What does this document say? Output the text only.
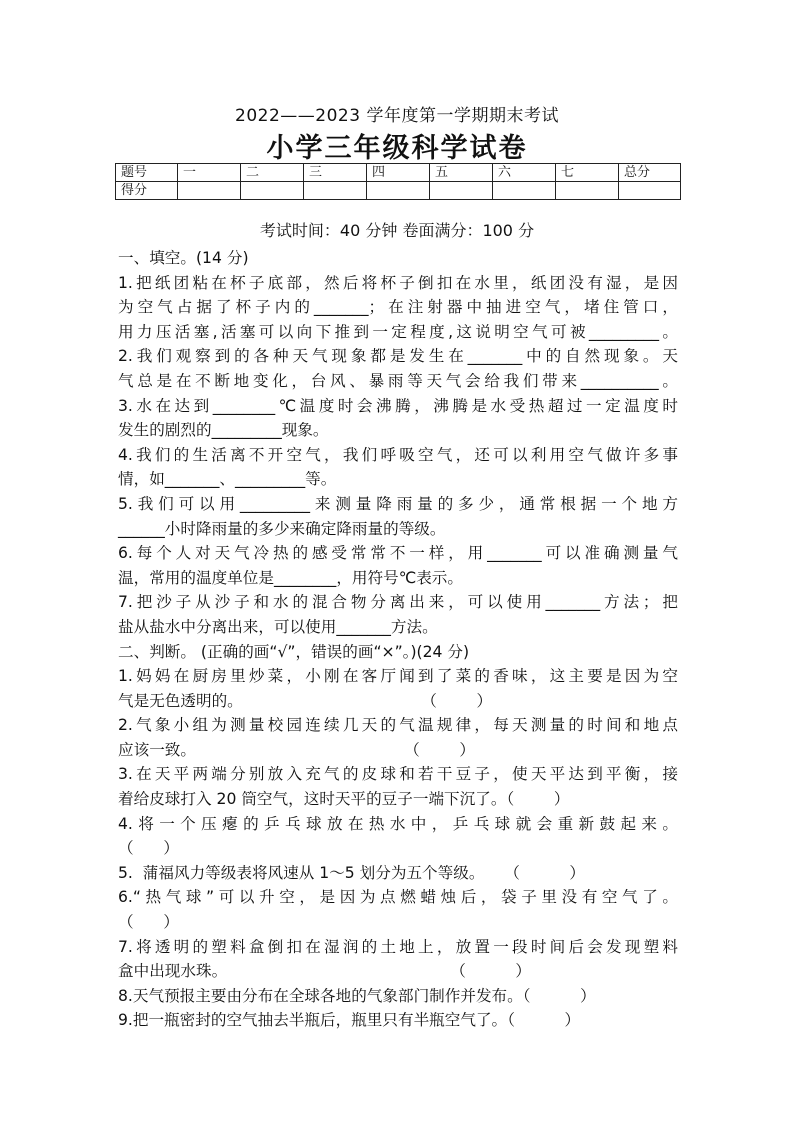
2022——2023 学年度第一学期期末考试
小学三年级科学试卷
题号	一	二	三	四	五	六	七	总分
得分								
考试时间：40 分钟 卷面满分：100 分
一、填空。(14 分)
1.把纸团粘在杯子底部，然后将杯子倒扣在水里，纸团没有湿，是因
为空气占据了杯子内的_______；在注射器中抽进空气，堵住管口，
用力压活塞,活塞可以向下推到一定程度,这说明空气可被_________。
2.我们观察到的各种天气现象都是发生在_______中的自然现象。天
气总是在不断地变化，台风、暴雨等天气会给我们带来__________。
3.水在达到________℃温度时会沸腾，沸腾是水受热超过一定温度时
发生的剧烈的_________现象。
4.我们的生活离不开空气，我们呼吸空气，还可以利用空气做许多事
情，如_______、_________等。
5.我们可以用_________来测量降雨量的多少，通常根据一个地方
______小时降雨量的多少来确定降雨量的等级。
6.每个人对天气冷热的感受常常不一样，用_______可以准确测量气
温，常用的温度单位是________，用符号℃表示。
7.把沙子从沙子和水的混合物分离出来，可以使用_______方法；把
盐从盐水中分离出来，可以使用_______方法。
二、判断。 (正确的画“√”，错误的画“×”。)(24 分)
1.妈妈在厨房里炒菜，小刚在客厅闻到了菜的香味，这主要是因为空
气是无色透明的。                                    （        ）
2.气象小组为测量校园连续几天的气温规律，每天测量的时间和地点
应该一致。                                          （        ）
3.在天平两端分别放入充气的皮球和若干豆子，使天平达到平衡，接
着给皮球打入 20 筒空气，这时天平的豆子一端下沉了。（        ）
4.将一个压瘪的乒乓球放在热水中，乒乓球就会重新鼓起来。
（      ）
5.  蒲福风力等级表将风速从 1～5 划分为五个等级。    （          ）
6.“热气球”可以升空，是因为点燃蜡烛后，袋子里没有空气了。
（      ）
7.将透明的塑料盒倒扣在湿润的土地上，放置一段时间后会发现塑料
盒中出现水珠。                                             （          ）
8.天气预报主要由分布在全球各地的气象部门制作并发布。（          ）
9.把一瓶密封的空气抽去半瓶后，瓶里只有半瓶空气了。（          ）
